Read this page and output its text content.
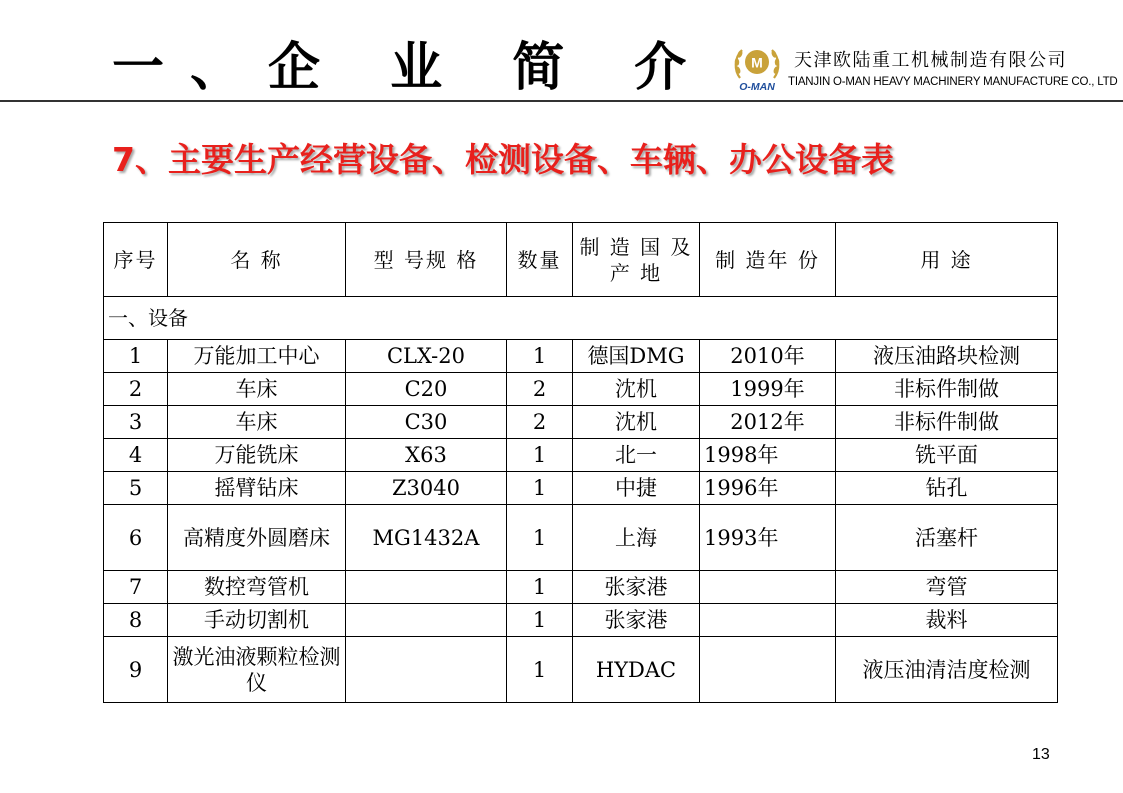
一、企 业 简 介	M
O-MAN
天津欧陆重工机械制造有限公司
TIANJIN O-MAN HEAVY MACHINERY MANUFACTURE CO., LTD
7、主要生产经营设备、检测设备、车辆、办公设备表
序号	名 称	型 号规 格	数量	制 造 国 及 产 地	制 造年 份	用 途
一、设备						
1	万能加工中心	CLX-20	1	德国DMG	2010年	液压油路块检测
2	车床	C20	2	沈机	1999年	非标件制做
3	车床	C30	2	沈机	2012年	非标件制做
4	万能铣床	X63	1	北一	1998年	铣平面
5	摇臂钻床	Z3040	1	中捷	1996年	钻孔
6	高精度外圆磨床	MG1432A	1	上海	1993年	活塞杆
7	数控弯管机		1	张家港		弯管
8	手动切割机		1	张家港		裁料
9	激光油液颗粒检测仪		1	HYDAC		液压油清洁度检测
13
